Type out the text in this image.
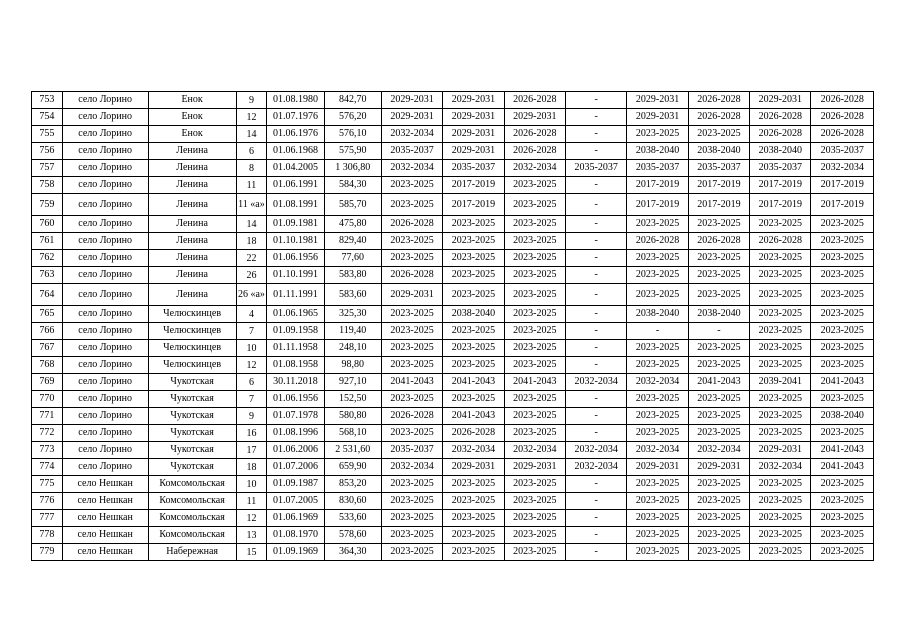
753	село Лорино	Енок	9	01.08.1980	842,70	2029-2031	2029-2031	2026-2028	-	2029-2031	2026-2028	2029-2031	2026-2028
754	село Лорино	Енок	12	01.07.1976	576,20	2029-2031	2029-2031	2029-2031	-	2029-2031	2026-2028	2026-2028	2026-2028
755	село Лорино	Енок	14	01.06.1976	576,10	2032-2034	2029-2031	2026-2028	-	2023-2025	2023-2025	2026-2028	2026-2028
756	село Лорино	Ленина	6	01.06.1968	575,90	2035-2037	2029-2031	2026-2028	-	2038-2040	2038-2040	2038-2040	2035-2037
757	село Лорино	Ленина	8	01.04.2005	1 306,80	2032-2034	2035-2037	2032-2034	2035-2037	2035-2037	2035-2037	2035-2037	2032-2034
758	село Лорино	Ленина	11	01.06.1991	584,30	2023-2025	2017-2019	2023-2025	-	2017-2019	2017-2019	2017-2019	2017-2019
759	село Лорино	Ленина	11 «а»	01.08.1991	585,70	2023-2025	2017-2019	2023-2025	-	2017-2019	2017-2019	2017-2019	2017-2019
760	село Лорино	Ленина	14	01.09.1981	475,80	2026-2028	2023-2025	2023-2025	-	2023-2025	2023-2025	2023-2025	2023-2025
761	село Лорино	Ленина	18	01.10.1981	829,40	2023-2025	2023-2025	2023-2025	-	2026-2028	2026-2028	2026-2028	2023-2025
762	село Лорино	Ленина	22	01.06.1956	77,60	2023-2025	2023-2025	2023-2025	-	2023-2025	2023-2025	2023-2025	2023-2025
763	село Лорино	Ленина	26	01.10.1991	583,80	2026-2028	2023-2025	2023-2025	-	2023-2025	2023-2025	2023-2025	2023-2025
764	село Лорино	Ленина	26 «а»	01.11.1991	583,60	2029-2031	2023-2025	2023-2025	-	2023-2025	2023-2025	2023-2025	2023-2025
765	село Лорино	Челюскинцев	4	01.06.1965	325,30	2023-2025	2038-2040	2023-2025	-	2038-2040	2038-2040	2023-2025	2023-2025
766	село Лорино	Челюскинцев	7	01.09.1958	119,40	2023-2025	2023-2025	2023-2025	-	-	-	2023-2025	2023-2025
767	село Лорино	Челюскинцев	10	01.11.1958	248,10	2023-2025	2023-2025	2023-2025	-	2023-2025	2023-2025	2023-2025	2023-2025
768	село Лорино	Челюскинцев	12	01.08.1958	98,80	2023-2025	2023-2025	2023-2025	-	2023-2025	2023-2025	2023-2025	2023-2025
769	село Лорино	Чукотская	6	30.11.2018	927,10	2041-2043	2041-2043	2041-2043	2032-2034	2032-2034	2041-2043	2039-2041	2041-2043
770	село Лорино	Чукотская	7	01.06.1956	152,50	2023-2025	2023-2025	2023-2025	-	2023-2025	2023-2025	2023-2025	2023-2025
771	село Лорино	Чукотская	9	01.07.1978	580,80	2026-2028	2041-2043	2023-2025	-	2023-2025	2023-2025	2023-2025	2038-2040
772	село Лорино	Чукотская	16	01.08.1996	568,10	2023-2025	2026-2028	2023-2025	-	2023-2025	2023-2025	2023-2025	2023-2025
773	село Лорино	Чукотская	17	01.06.2006	2 531,60	2035-2037	2032-2034	2032-2034	2032-2034	2032-2034	2032-2034	2029-2031	2041-2043
774	село Лорино	Чукотская	18	01.07.2006	659,90	2032-2034	2029-2031	2029-2031	2032-2034	2029-2031	2029-2031	2032-2034	2041-2043
775	село Нешкан	Комсомольская	10	01.09.1987	853,20	2023-2025	2023-2025	2023-2025	-	2023-2025	2023-2025	2023-2025	2023-2025
776	село Нешкан	Комсомольская	11	01.07.2005	830,60	2023-2025	2023-2025	2023-2025	-	2023-2025	2023-2025	2023-2025	2023-2025
777	село Нешкан	Комсомольская	12	01.06.1969	533,60	2023-2025	2023-2025	2023-2025	-	2023-2025	2023-2025	2023-2025	2023-2025
778	село Нешкан	Комсомольская	13	01.08.1970	578,60	2023-2025	2023-2025	2023-2025	-	2023-2025	2023-2025	2023-2025	2023-2025
779	село Нешкан	Набережная	15	01.09.1969	364,30	2023-2025	2023-2025	2023-2025	-	2023-2025	2023-2025	2023-2025	2023-2025
